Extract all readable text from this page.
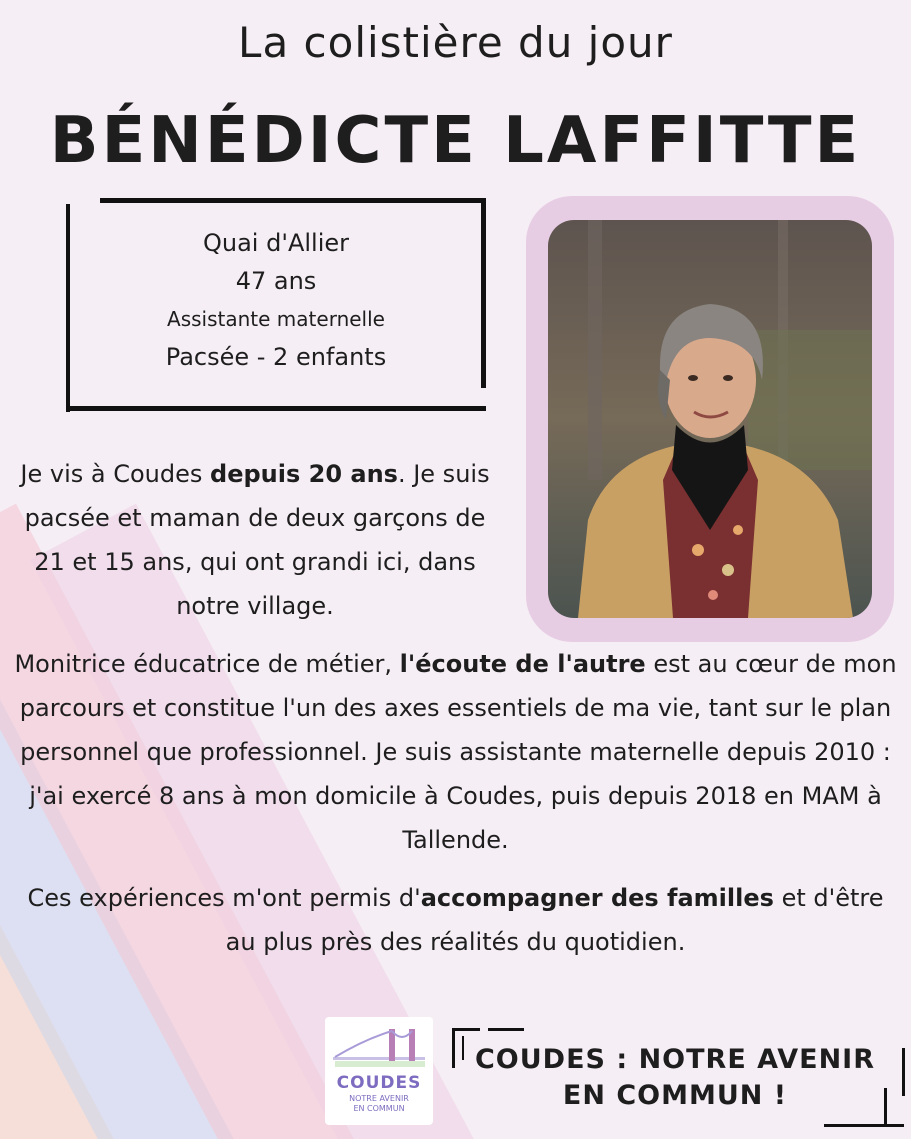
La colistière du jour
BÉNÉDICTE LAFFITTE
Quai d'Allier
47 ans
Assistante maternelle
Pacsée - 2 enfants
Je vis à Coudes depuis 20 ans. Je suis pacsée et maman de deux garçons de 21 et 15 ans, qui ont grandi ici, dans notre village.
Monitrice éducatrice de métier, l'écoute de l'autre est au cœur de mon parcours et constitue l'un des axes essentiels de ma vie, tant sur le plan personnel que professionnel. Je suis assistante maternelle depuis 2010 : j'ai exercé 8 ans à mon domicile à Coudes, puis depuis 2018 en MAM à Tallende.
Ces expériences m'ont permis d'accompagner des familles et d'être au plus près des réalités du quotidien.
COUDES
NOTRE AVENIR
EN COMMUN
COUDES : NOTRE AVENIR
EN COMMUN !
